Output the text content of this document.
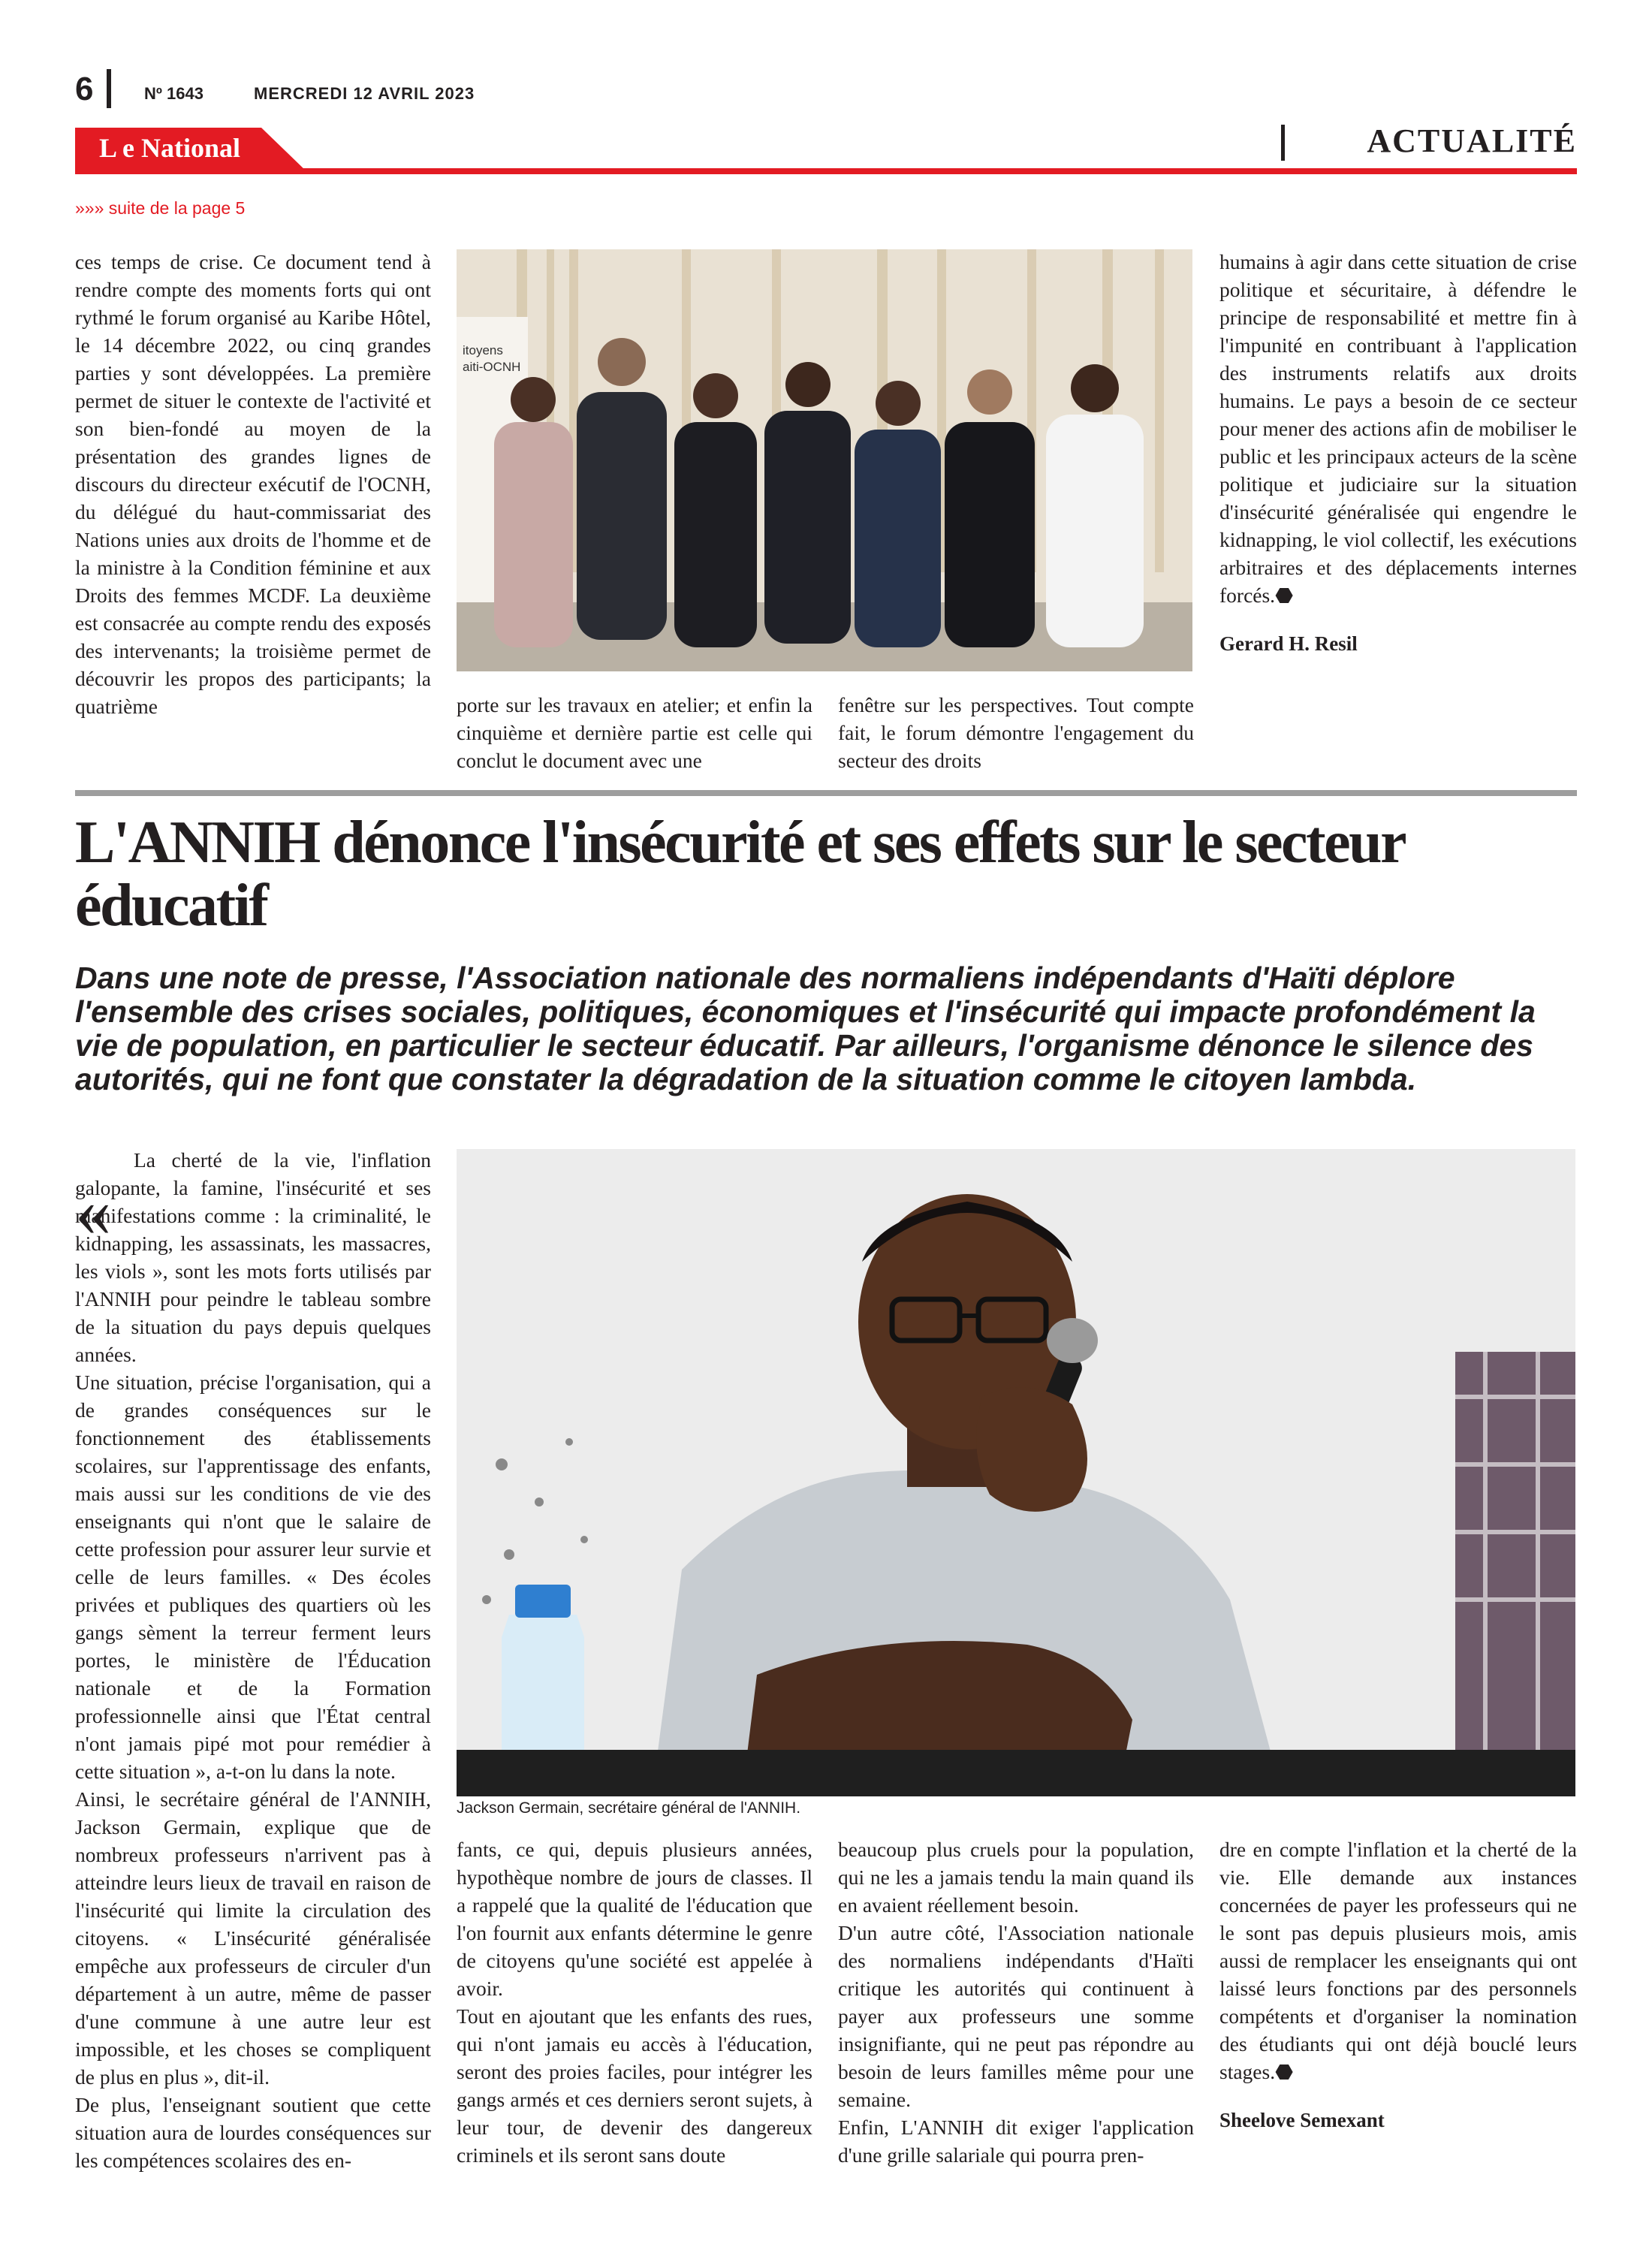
6	Nº 1643	MERCREDI 12 AVRIL 2023
L e National	ACTUALITÉ
»»» suite de la page 5

ces temps de crise. Ce document tend à rendre compte des moments forts qui ont rythmé le forum organisé au Karibe Hôtel, le 14 décembre 2022, ou cinq grandes parties y sont développées. La première permet de situer le contexte de l'activité et son bien-fondé au moyen de la présentation des grandes lignes de discours du directeur exécutif de l'OCNH, du délégué du haut-commissariat des Nations unies aux droits de l'homme et de la ministre à la Condition féminine et aux Droits des femmes MCDF. La deuxième est consacrée au compte rendu des exposés des intervenants; la troisième permet de découvrir les propos des participants; la quatrième

itoyens
aiti-OCNH

porte sur les travaux en atelier; et enfin la cinquième et dernière partie est celle qui conclut le document avec une

fenêtre sur les perspectives. Tout compte fait, le forum démontre l'engagement du secteur des droits

humains à agir dans cette situation de crise politique et sécuritaire, à défendre le principe de responsabilité et mettre fin à l'impunité en contribuant à l'application des instruments relatifs aux droits humains. Le pays a besoin de ce secteur pour mener des actions afin de mobiliser le public et les principaux acteurs de la scène politique et judiciaire sur la situation d'insécurité généralisée qui engendre le kidnapping, le viol collectif, les exécutions arbitraires et des déplacements internes forcés.⬣

Gerard H. Resil

L'ANNIH dénonce l'insécurité et ses effets sur le secteur éducatif
Dans une note de presse, l'Association nationale des normaliens indépendants d'Haïti déplore l'ensemble des crises sociales, politiques, économiques et l'insécurité qui impacte profondément la vie de population, en particulier le secteur éducatif. Par ailleurs, l'organisme dénonce le silence des autorités, qui ne font que constater la dégradation de la situation comme le citoyen lambda.
«

La cherté de la vie, l'inflation galopante, la famine, l'insécurité et ses manifestations comme : la criminalité, le kidnapping, les assassinats, les massacres, les viols », sont les mots forts utilisés par l'ANNIH pour peindre le tableau sombre de la situation du pays depuis quelques années.

Une situation, précise l'organisation, qui a de grandes conséquences sur le fonctionnement des établissements scolaires, sur l'apprentissage des enfants, mais aussi sur les conditions de vie des enseignants qui n'ont que le salaire de cette profession pour assurer leur survie et celle de leurs familles. « Des écoles privées et publiques des quartiers où les gangs sèment la terreur ferment leurs portes, le ministère de l'Éducation nationale et de la Formation professionnelle ainsi que l'État central n'ont jamais pipé mot pour remédier à cette situation », a-t-on lu dans la note.

Ainsi, le secrétaire général de l'ANNIH, Jackson Germain, explique que de nombreux professeurs n'arrivent pas à atteindre leurs lieux de travail en raison de l'insécurité qui limite la circulation des citoyens. « L'insécurité généralisée empêche aux professeurs de circuler d'un département à un autre, même de passer d'une commune à une autre leur est impossible, et les choses se compliquent de plus en plus », dit-il.

De plus, l'enseignant soutient que cette situation aura de lourdes conséquences sur les compétences scolaires des en-

Jackson Germain, secrétaire général de l'ANNIH.

fants, ce qui, depuis plusieurs années, hypothèque nombre de jours de classes. Il a rappelé que la qualité de l'éducation que l'on fournit aux enfants détermine le genre de citoyens qu'une société est appelée à avoir.

Tout en ajoutant que les enfants des rues, qui n'ont jamais eu accès à l'éducation, seront des proies faciles, pour intégrer les gangs armés et ces derniers seront sujets, à leur tour, de devenir des dangereux criminels et ils seront sans doute

beaucoup plus cruels pour la population, qui ne les a jamais tendu la main quand ils en avaient réellement besoin.

D'un autre côté, l'Association nationale des normaliens indépendants d'Haïti critique les autorités qui continuent à payer aux professeurs une somme insignifiante, qui ne peut pas répondre au besoin de leurs familles même pour une semaine.

Enfin, L'ANNIH dit exiger l'application d'une grille salariale qui pourra pren-

dre en compte l'inflation et la cherté de la vie. Elle demande aux instances concernées de payer les professeurs qui ne le sont pas depuis plusieurs mois, amis aussi de remplacer les enseignants qui ont laissé leurs fonctions par des personnels compétents et d'organiser la nomination des étudiants qui ont déjà bouclé leurs stages.⬣

Sheelove Semexant
